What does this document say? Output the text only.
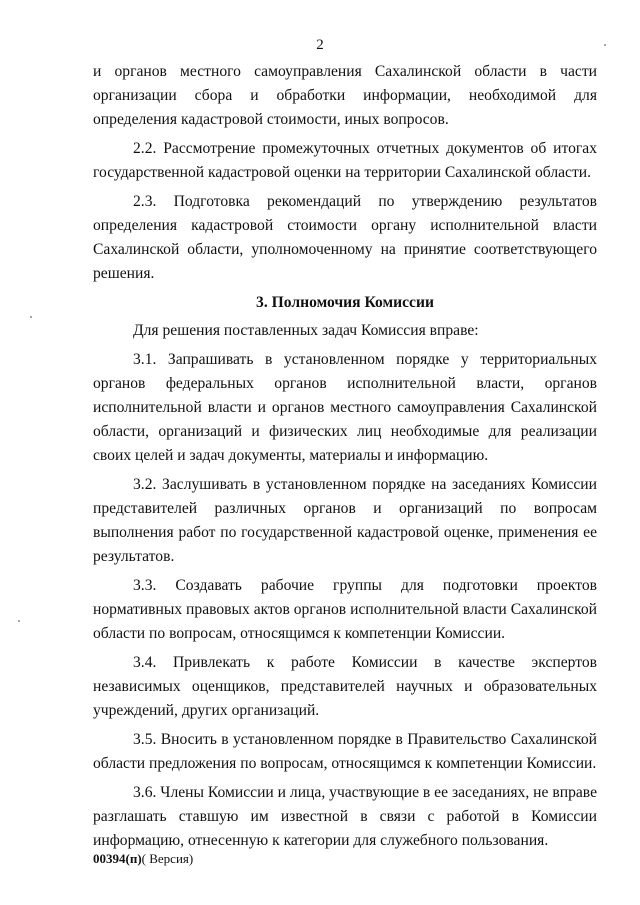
2

и органов местного самоуправления Сахалинской области в части организации сбора и обработки информации, необходимой для определения кадастровой стоимости, иных вопросов.

2.2. Рассмотрение промежуточных отчетных документов об итогах государственной кадастровой оценки на территории Сахалинской области.

2.3. Подготовка рекомендаций по утверждению результатов определения кадастровой стоимости органу исполнительной власти Сахалинской области, уполномоченному на принятие соответствующего решения.

3. Полномочия Комиссии

Для решения поставленных задач Комиссия вправе:

3.1. Запрашивать в установленном порядке у территориальных органов федеральных органов исполнительной власти, органов исполнительной власти и органов местного самоуправления Сахалинской области, организаций и физических лиц необходимые для реализации своих целей и задач документы, материалы и информацию.

3.2. Заслушивать в установленном порядке на заседаниях Комиссии представителей различных органов и организаций по вопросам выполнения работ по государственной кадастровой оценке, применения ее результатов.

3.3. Создавать рабочие группы для подготовки проектов нормативных правовых актов органов исполнительной власти Сахалинской области по вопросам, относящимся к компетенции Комиссии.

3.4. Привлекать к работе Комиссии в качестве экспертов независимых оценщиков, представителей научных и образовательных учреждений, других организаций.

3.5. Вносить в установленном порядке в Правительство Сахалинской области предложения по вопросам, относящимся к компетенции Комиссии.

3.6. Члены Комиссии и лица, участвующие в ее заседаниях, не вправе разглашать ставшую им известной в связи с работой в Комиссии информацию, отнесенную к категории для служебного пользования.

00394(п)( Версия)
